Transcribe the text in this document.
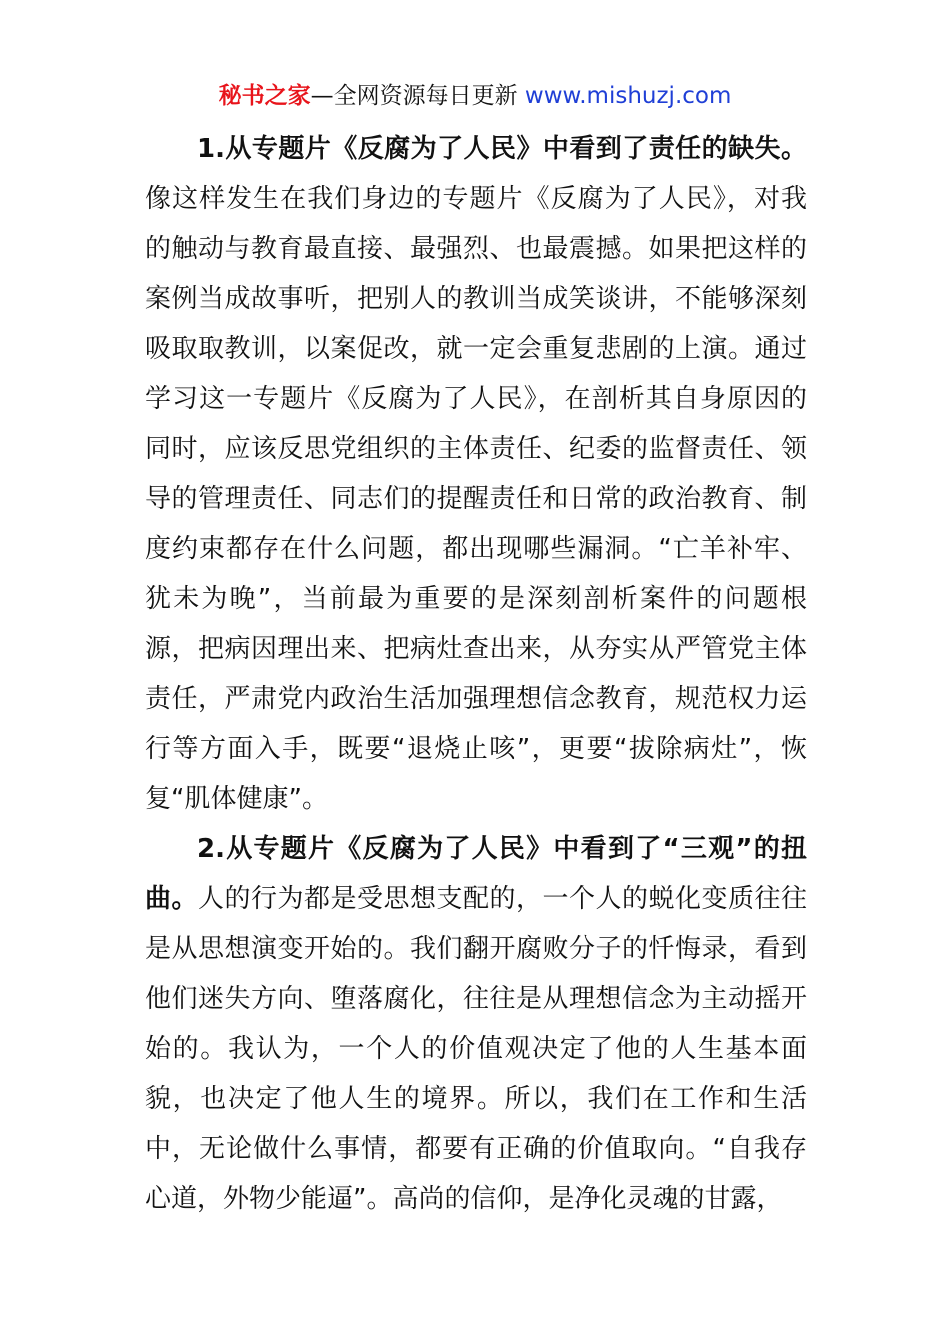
秘书之家—全网资源每日更新 www.mishuzj.com

1.从专题片《反腐为了人民》中看到了责任的缺失。像这样发生在我们身边的专题片《反腐为了人民》，对我的触动与教育最直接、最强烈、也最震撼。如果把这样的案例当成故事听，把别人的教训当成笑谈讲，不能够深刻吸取取教训，以案促改，就一定会重复悲剧的上演。通过学习这一专题片《反腐为了人民》，在剖析其自身原因的同时，应该反思党组织的主体责任、纪委的监督责任、领导的管理责任、同志们的提醒责任和日常的政治教育、制度约束都存在什么问题，都出现哪些漏洞。“亡羊补牢、犹未为晚”，当前最为重要的是深刻剖析案件的问题根源，把病因理出来、把病灶查出来，从夯实从严管党主体责任，严肃党内政治生活加强理想信念教育，规范权力运行等方面入手，既要“退烧止咳”，更要“拔除病灶”，恢复“肌体健康”。

2.从专题片《反腐为了人民》中看到了“三观”的扭曲。人的行为都是受思想支配的，一个人的蜕化变质往往是从思想演变开始的。我们翻开腐败分子的忏悔录，看到他们迷失方向、堕落腐化，往往是从理想信念为主动摇开始的。我认为，一个人的价值观决定了他的人生基本面貌，也决定了他人生的境界。所以，我们在工作和生活中，无论做什么事情，都要有正确的价值取向。“自我存心道，外物少能逼”。高尚的信仰，是净化灵魂的甘露，
